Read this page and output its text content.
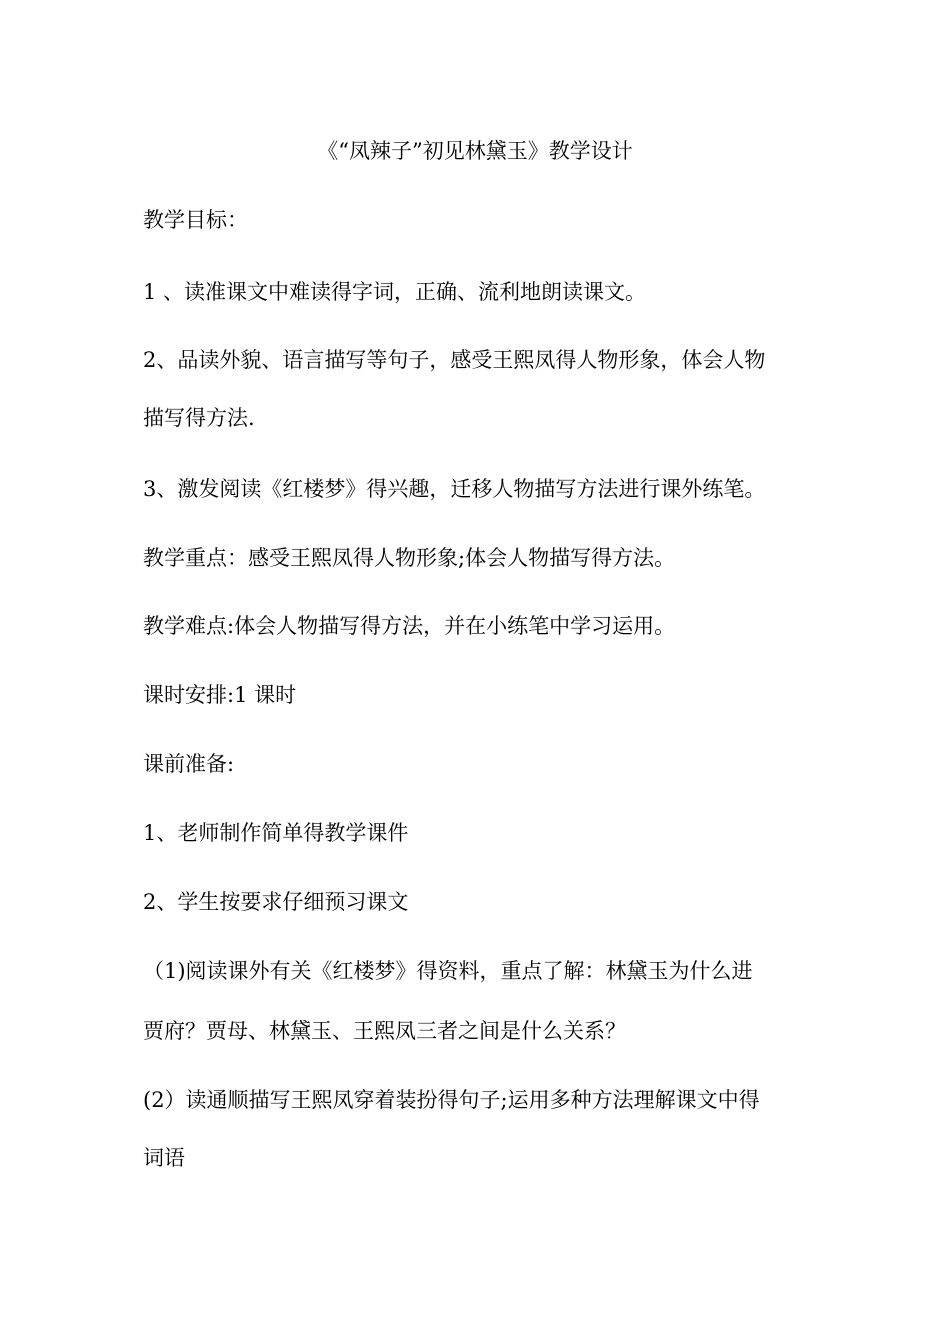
《“凤辣子”初见林黛玉》教学设计
教学目标：
1 、读准课文中难读得字词，正确、流利地朗读课文。
2、品读外貌、语言描写等句子，感受王熙凤得人物形象，体会人物
描写得方法.
3、激发阅读《红楼梦》得兴趣，迁移人物描写方法进行课外练笔。
教学重点：感受王熙凤得人物形象;体会人物描写得方法。
教学难点:体会人物描写得方法，并在小练笔中学习运用。
课时安排:1 课时
课前准备:
1、老师制作简单得教学课件
2、学生按要求仔细预习课文
（1)阅读课外有关《红楼梦》得资料，重点了解：林黛玉为什么进
贾府？贾母、林黛玉、王熙凤三者之间是什么关系？
(2）读通顺描写王熙凤穿着装扮得句子;运用多种方法理解课文中得
词语
